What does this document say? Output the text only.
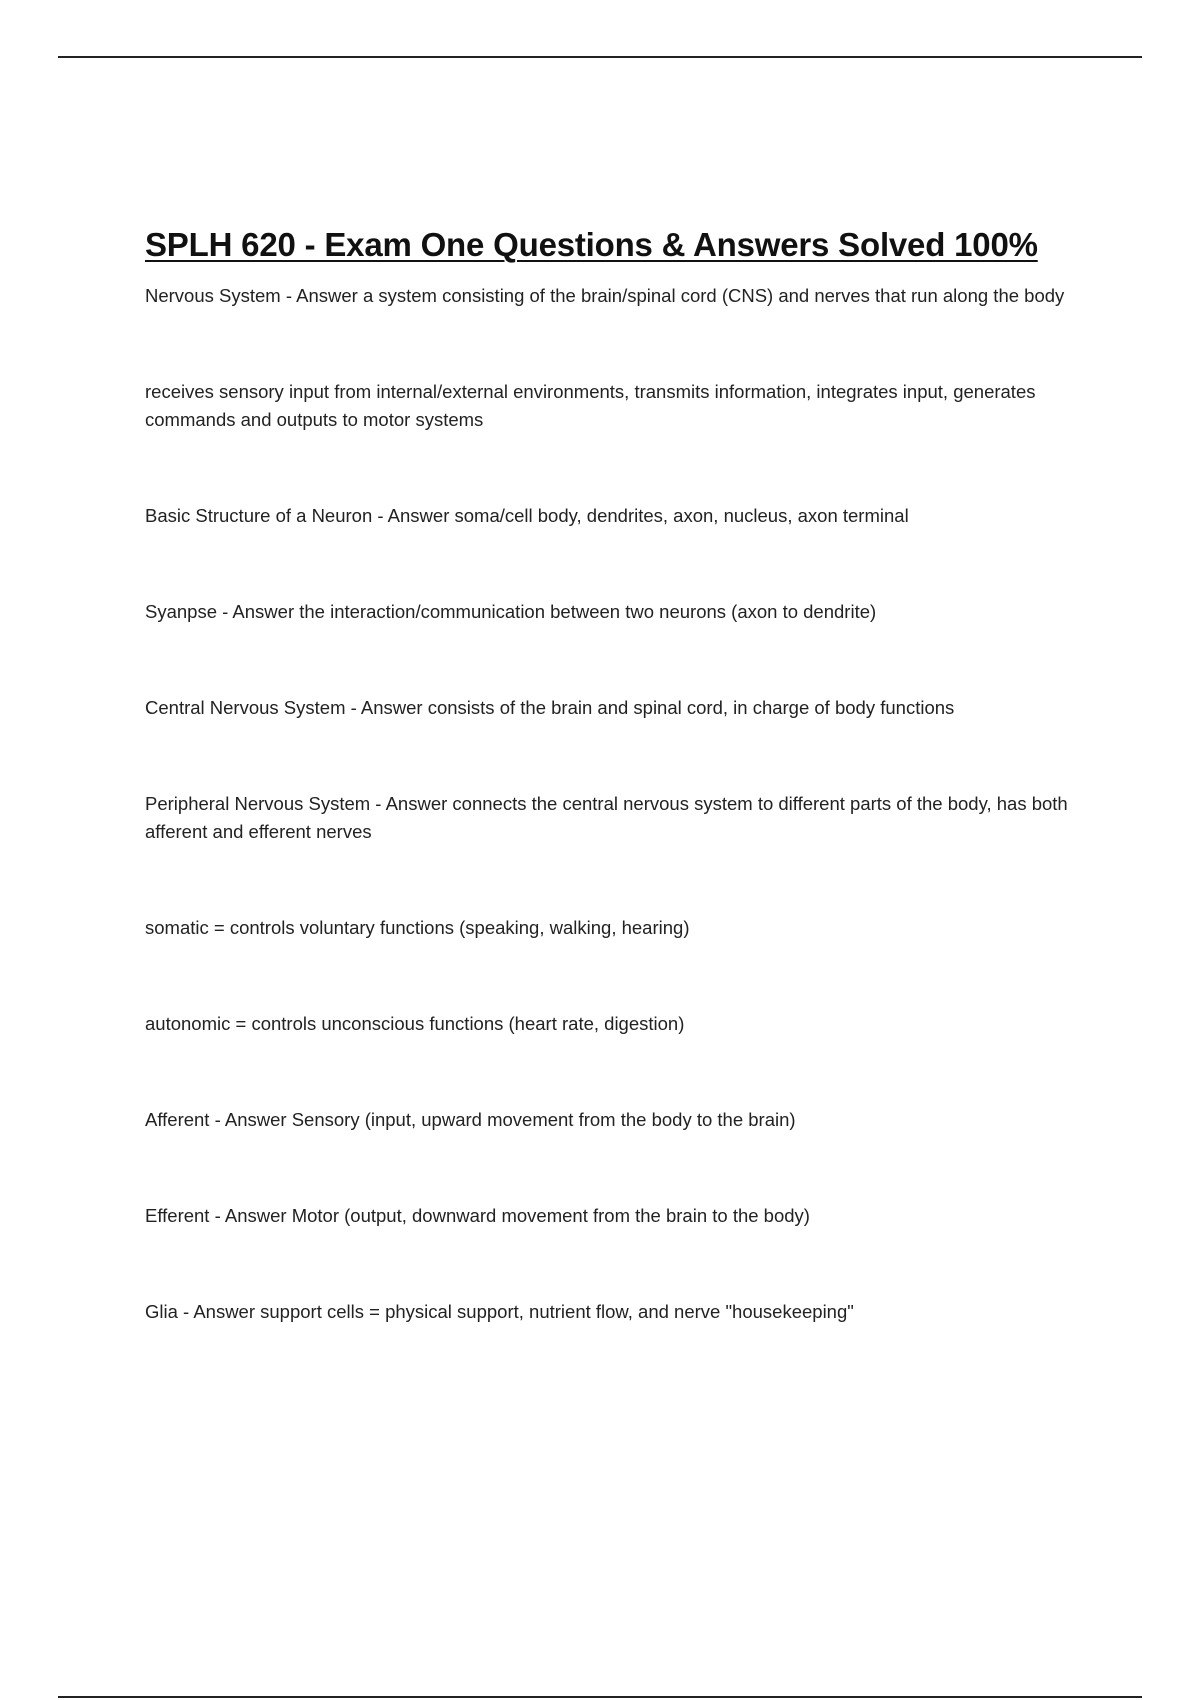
SPLH 620 - Exam One Questions & Answers Solved 100%

Nervous System - Answer a system consisting of the brain/spinal cord (CNS) and nerves that run along the body

receives sensory input from internal/external environments, transmits information, integrates input, generates commands and outputs to motor systems

Basic Structure of a Neuron - Answer soma/cell body, dendrites, axon, nucleus, axon terminal

Syanpse - Answer the interaction/communication between two neurons (axon to dendrite)

Central Nervous System - Answer consists of the brain and spinal cord, in charge of body functions

Peripheral Nervous System - Answer connects the central nervous system to different parts of the body, has both afferent and efferent nerves

somatic = controls voluntary functions (speaking, walking, hearing)

autonomic = controls unconscious functions (heart rate, digestion)

Afferent - Answer Sensory (input, upward movement from the body to the brain)

Efferent - Answer Motor (output, downward movement from the brain to the body)

Glia - Answer support cells = physical support, nutrient flow, and nerve "housekeeping"
